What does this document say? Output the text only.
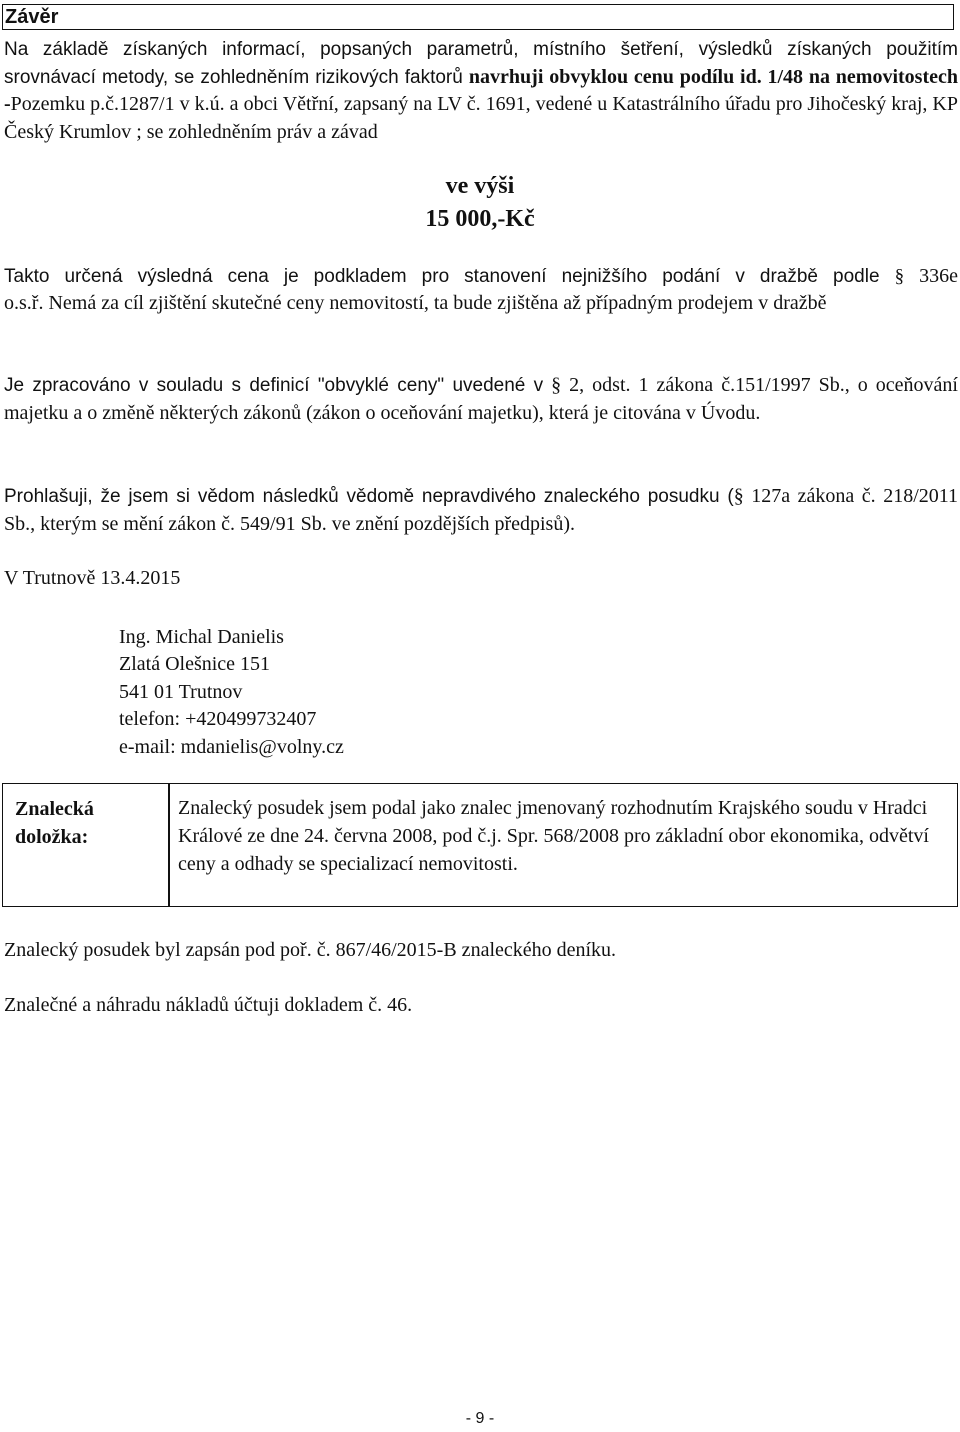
Závěr
Na základě získaných informací, popsaných parametrů, místního šetření, výsledků získaných použitím srovnávací metody, se zohledněním rizikových faktorů navrhuji obvyklou cenu podílu id. 1/48 na nemovitostech -Pozemku p.č.1287/1 v k.ú. a obci Větřní, zapsaný na LV č. 1691, vedené u Katastrálního úřadu pro Jihočeský kraj, KP Český Krumlov ; se zohledněním práv a závad
ve výši
15 000,-Kč
Takto určená výsledná cena je podkladem pro stanovení nejnižšího podání v dražbě podle § 336e
o.s.ř. Nemá za cíl zjištění skutečné ceny nemovitostí, ta bude zjištěna až případným prodejem v dražbě
Je zpracováno v souladu s definicí "obvyklé ceny" uvedené v § 2, odst. 1 zákona č.151/1997 Sb., o oceňování majetku a o změně některých zákonů (zákon o oceňování majetku), která je citována v Úvodu.
Prohlašuji, že jsem si vědom následků vědomě nepravdivého znaleckého posudku (§ 127a zákona č. 218/2011 Sb., kterým se mění zákon č. 549/91 Sb. ve znění pozdějších předpisů).
V Trutnově 13.4.2015
Ing. Michal Danielis
Zlatá Olešnice 151
541 01 Trutnov
telefon: +420499732407
e-mail: mdanielis@volny.cz
Znalecká
doložka:
Znalecký posudek jsem podal jako znalec jmenovaný rozhodnutím Krajského soudu v Hradci Králové ze dne 24. června 2008, pod č.j. Spr. 568/2008 pro základní obor ekonomika, odvětví ceny a odhady se specializací nemovitosti.
Znalecký posudek byl zapsán pod poř. č. 867/46/2015-B znaleckého deníku.
Znalečné a náhradu nákladů účtuji dokladem č. 46.
- 9 -
